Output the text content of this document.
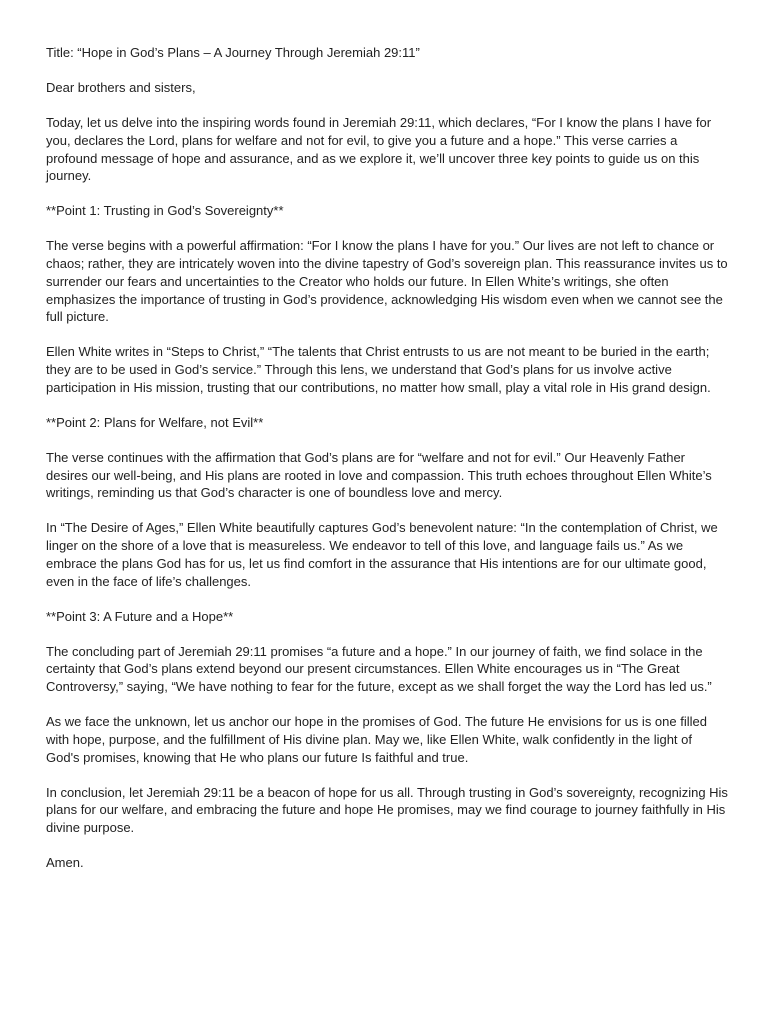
Title: “Hope in God’s Plans – A Journey Through Jeremiah 29:11”

Dear brothers and sisters,

Today, let us delve into the inspiring words found in Jeremiah 29:11, which declares, “For I know the plans I have for you, declares the Lord, plans for welfare and not for evil, to give you a future and a hope.” This verse carries a profound message of hope and assurance, and as we explore it, we’ll uncover three key points to guide us on this journey.

**Point 1: Trusting in God’s Sovereignty**

The verse begins with a powerful affirmation: “For I know the plans I have for you.” Our lives are not left to chance or chaos; rather, they are intricately woven into the divine tapestry of God’s sovereign plan. This reassurance invites us to surrender our fears and uncertainties to the Creator who holds our future. In Ellen White’s writings, she often emphasizes the importance of trusting in God’s providence, acknowledging His wisdom even when we cannot see the full picture.

Ellen White writes in “Steps to Christ,” “The talents that Christ entrusts to us are not meant to be buried in the earth; they are to be used in God’s service.” Through this lens, we understand that God’s plans for us involve active participation in His mission, trusting that our contributions, no matter how small, play a vital role in His grand design.

**Point 2: Plans for Welfare, not Evil**

The verse continues with the affirmation that God’s plans are for “welfare and not for evil.” Our Heavenly Father desires our well-being, and His plans are rooted in love and compassion. This truth echoes throughout Ellen White’s writings, reminding us that God’s character is one of boundless love and mercy.

In “The Desire of Ages,” Ellen White beautifully captures God’s benevolent nature: “In the contemplation of Christ, we linger on the shore of a love that is measureless. We endeavor to tell of this love, and language fails us.” As we embrace the plans God has for us, let us find comfort in the assurance that His intentions are for our ultimate good, even in the face of life’s challenges.

**Point 3: A Future and a Hope**

The concluding part of Jeremiah 29:11 promises “a future and a hope.” In our journey of faith, we find solace in the certainty that God’s plans extend beyond our present circumstances. Ellen White encourages us in “The Great Controversy,” saying, “We have nothing to fear for the future, except as we shall forget the way the Lord has led us.”

As we face the unknown, let us anchor our hope in the promises of God. The future He envisions for us is one filled with hope, purpose, and the fulfillment of His divine plan. May we, like Ellen White, walk confidently in the light of God's promises, knowing that He who plans our future Is faithful and true.

In conclusion, let Jeremiah 29:11 be a beacon of hope for us all. Through trusting in God’s sovereignty, recognizing His plans for our welfare, and embracing the future and hope He promises, may we find courage to journey faithfully in His divine purpose.

Amen.
